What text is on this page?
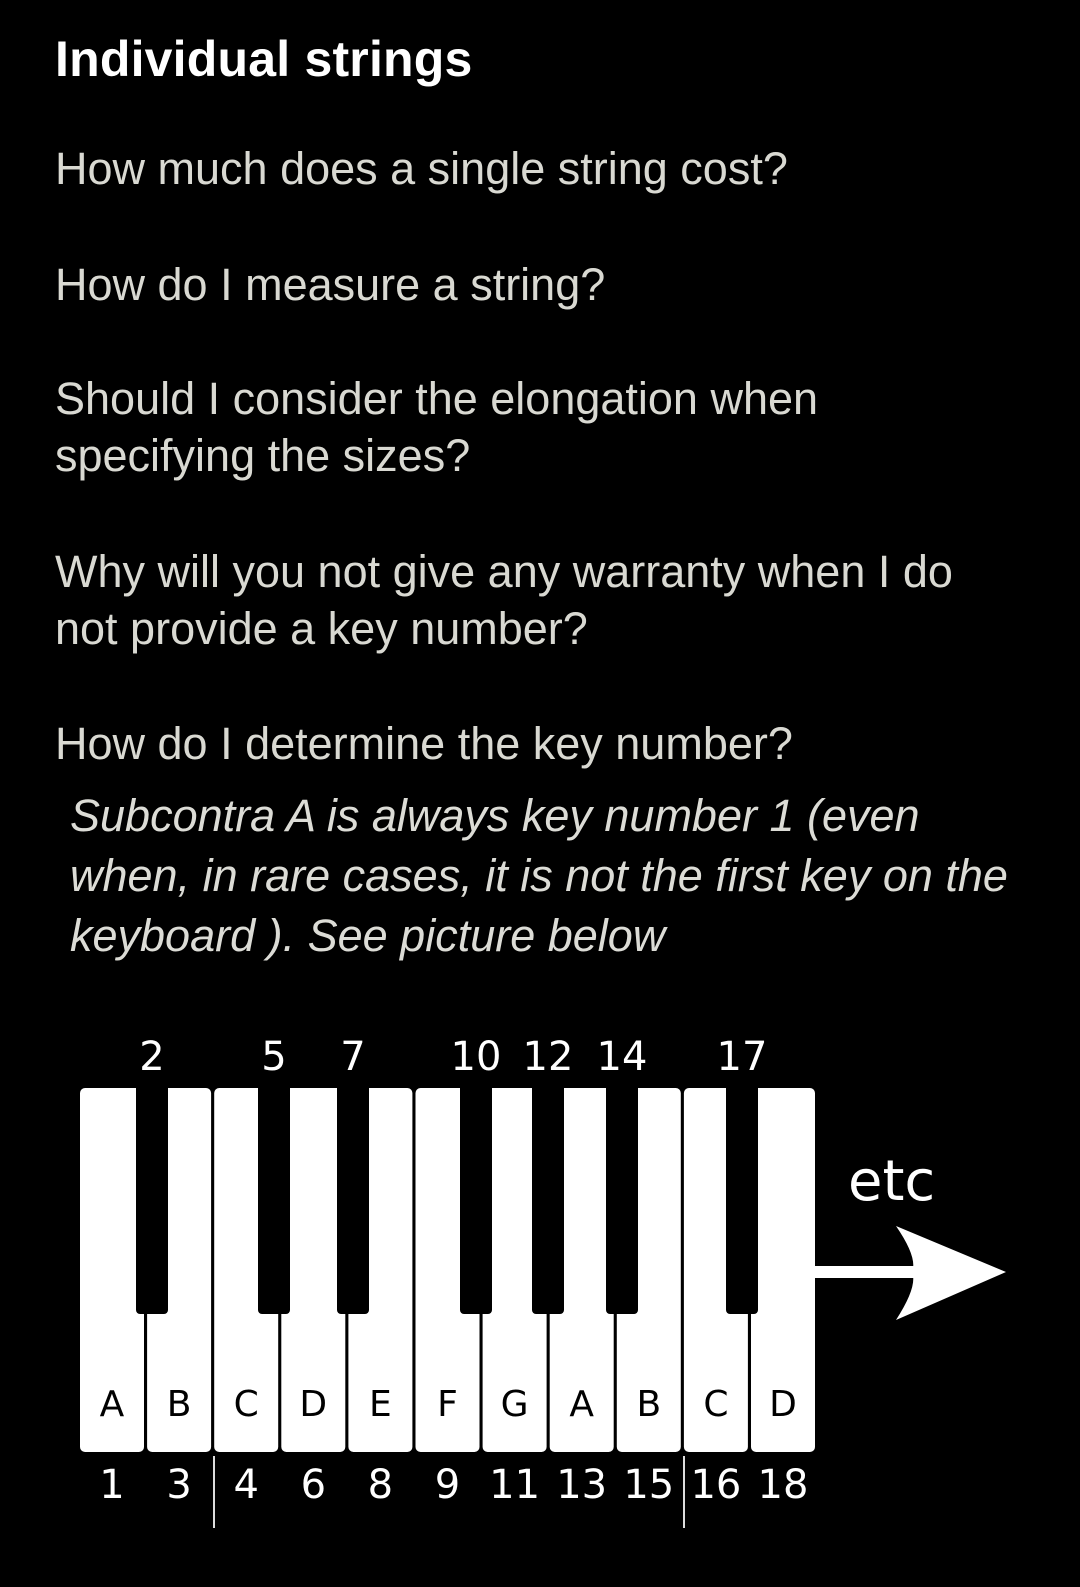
Individual strings
How much does a single string cost?
How do I measure a string?
Should I consider the elongation when specifying the sizes?
Why will you not give any warranty when I do not provide a key number?
How do I determine the key number?
Subcontra A is always key number 1 (even when, in rare cases, it is not the first key on the keyboard ). See picture below
A
1
B
3
C
4
D
6
E
8
F
9
G
11
A
13
B
15
C
16
D
18
2 5 7 10 12 14 17
etc
